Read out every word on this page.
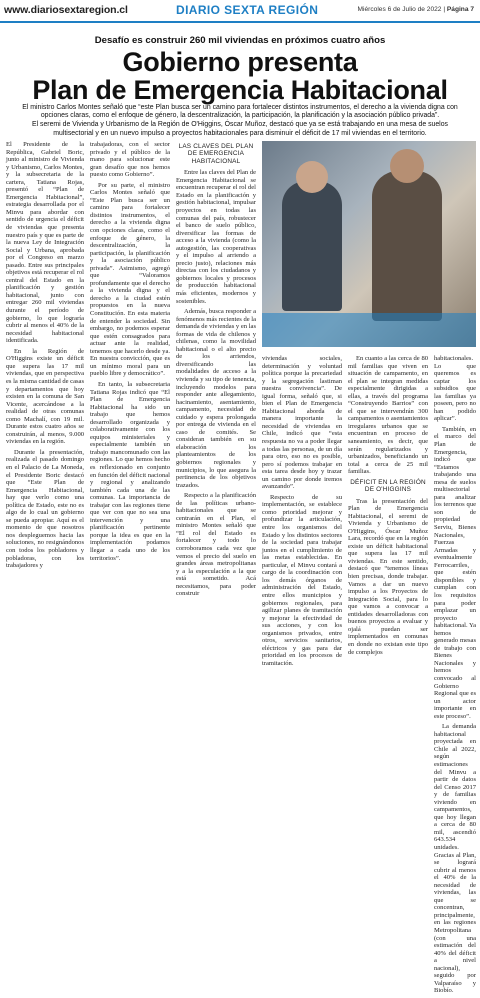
www.diariosextaregion.cl	DIARIO SEXTA REGIÓN	Miércoles 6 de Julio de 2022 | Página 7
Desafío es construir 260 mil viviendas en próximos cuatro años
Gobierno presenta
Plan de Emergencia Habitacional

El ministro Carlos Montes señaló que “este Plan busca ser un camino para fortalecer distintos instrumentos, el derecho a la vivienda digna con opciones claras, como el enfoque de género, la descentralización, la participación, la planificación y la asociación público privada”.

El seremi de Vivienda y Urbanismo de la Región de O'Higgins, Óscar Muñoz, destacó que ya se está trabajando en una mesa de suelos multisectorial y en un nuevo impulso a proyectos habitacionales para disminuir el déficit de 17 mil viviendas en el territorio.

El Presidente de la República, Gabriel Boric, junto al ministro de Vivienda y Urbanismo, Carlos Montes, y la subsecretaria de la cartera, Tatiana Rojas, presentó el “Plan de Emergencia Habitacional”, estrategia desarrollada por el Minvu para abordar con sentido de urgencia el déficit de viviendas que presenta nuestro país y que es parte de la nueva Ley de Integración Social y Urbana, aprobada por el Congreso en marzo pasado. Entre sus principales objetivos está recuperar el rol central del Estado en la planificación y gestión habitacional, junto con entregar 260 mil viviendas durante el período de gobierno, lo que lograría cubrir al menos el 40% de la necesidad habitacional identificada.

En la Región de O'Higgins existe un déficit que supera las 17 mil viviendas, que en perspectiva es la misma cantidad de casas y departamentos que hoy existen en la comuna de San Vicente, acercándose a la realidad de otras comunas como Machalí, con 19 mil. Durante estos cuatro años se construirán, al menos, 9.000 viviendas en la región.

Durante la presentación, realizada el pasado domingo en el Palacio de La Moneda, el Presidente Boric destacó que “Este Plan de Emergencia Habitacional, hay que verlo como una política de Estado, este no es algo de lo cual un gobierno se pueda apropiar. Aquí es el momento de que nosotros nos despleguemos hacia las soluciones, no resignándonos con todos los pobladores y pobladoras, con los trabajadores y

trabajadoras, con el sector privado y el público de la mano para solucionar este gran desafío que nos hemos puesto como Gobierno”.

Por su parte, el ministro Carlos Montes señaló que “Este Plan busca ser un camino para fortalecer distintos instrumentos, el derecho a la vivienda digna con opciones claras, como el enfoque de género, la descentralización, la participación, la planificación y la asociación público privada”. Asimismo, agregó que “Valoramos profundamente que el derecho a la vivienda digna y el derecho a la ciudad estén propuestos en la nueva Constitución. En esta materia de entender la sociedad. Sin embargo, no podemos esperar que estén consagrados para actuar ante la realidad, tenemos que hacerlo desde ya. En nuestra convicción, que es un mínimo moral para un pueblo libre y democrático”.

En tanto, la subsecretaria Tatiana Rojas indicó que “El Plan de Emergencia Habitacional ha sido un trabajo que hemos desarrollado organizada y colaborativamente con los equipos ministeriales y especialmente también un trabajo mancomunado con las regiones. Lo que hemos hecho es reflexionado en conjunto en función del déficit nacional y regional y analizando también cada una de las comunas. La importancia de trabajar con las regiones tiene que ver con que no sea una intervención y una planificación pertinente porque la idea es que en la implementación podamos llegar a cada uno de los territorios”.

LAS CLAVES DEL PLAN DE EMERGENCIA HABITACIONAL

Entre las claves del Plan de Emergencia Habitacional se encuentran recuperar el rol del Estado en la planificación y gestión habitacional, impulsar proyectos en todas las comunas del país, robustecer el banco de suelo público, diversificar las formas de acceso a la vivienda (como la autogestión, las cooperativas y el impulso al arriendo a precio justo), relaciones más directas con los ciudadanos y gobiernos locales y procesos de producción habitacional más eficientes, modernos y sostenibles.

Además, busca responder a fenómenos más recientes de la demanda de viviendas y en las formas de vida de chilenos y chilenas, como la movilidad habitacional o el alto precio de los arriendos, diversificando las modalidades de acceso a la vivienda y su tipo de tenencia, incluyendo modelos para responder ante allegamiento, hacinamiento, asentamiento, campamento, necesidad de cuidado y espera prolongada por entrega de vivienda en el caso de comités. Se consideran también en su elaboración los planteamientos de los gobiernos regionales y municipios, lo que asegura la pertinencia de los objetivos trazados.

Respecto a la planificación de las políticas urbano-habitacionales que se centrarán en el Plan, el ministro Montes señaló que “El rol del Estado es fortalecer y todo lo corroboramos cada vez que vemos el precio del suelo en grandes áreas metropolitanas y a la especulación a la que está sometido. Acá necesitamos, para poder construir

viviendas sociales, determinación y voluntad política porque la precariedad y la segregación lastiman nuestra convivencia”. De igual forma, señaló que, si bien el Plan de Emergencia Habitacional aborda de manera importante la necesidad de viviendas en Chile, indicó que “esta respuesta no va a poder llegar a todas las personas, de un día para otro, eso no es posible, pero sí podemos trabajar en esta tarea desde hoy y trazar un camino por donde iremos avanzando”.

Respecto de su implementación, se establece como prioridad mejorar y profundizar la articulación, entre los organismos del Estado y los distintos sectores de la sociedad para trabajar juntos en el cumplimiento de las metas establecidas. En particular, el Minvu contará a cargo de la coordinación con los demás órganos de administración del Estado, entre ellos municipios y gobiernos regionales, para agilizar planes de tramitación y mejorar la efectividad de sus acciones, y con los organismos privados, entre otros, servicios sanitarios, eléctricos y gas para dar prioridad en los procesos de tramitación.

En cuanto a las cerca de 80 mil familias que viven en situación de campamento, en el plan se integran medidas especialmente dirigidas a ellas, a través del programa “Construyendo Barrios” con el que se intervendrán 300 campamentos o asentamientos irregulares urbanos que se encuentran en proceso de saneamiento, es decir, que serán regularizados y urbanizados, beneficiando un total a cerca de 25 mil familias.

DÉFICIT EN LA REGIÓN DE O'HIGGINS

Tras la presentación del Plan de Emergencia Habitacional, el seremi de Vivienda y Urbanismo de O'Higgins, Óscar Muñoz Lara, recordó que en la región existe un déficit habitacional que supera las 17 mil viviendas. En este sentido, destacó que “tenemos líneas bien precisas, donde trabajar. Vamos a dar un nuevo impulso a los Proyectos de Integración Social, para lo que vamos a convocar a entidades desarrolladoras con buenos proyectos a evaluar y ojalá puedan ser implementados en comunas en donde no existan este tipo de complejos

habitacionales. Lo que queremos es captar los subsidios que las familias ya poseen, pero no han podido aplicar”.

También, en el marco del Plan de Emergencia, indicó que “Estamos trabajando una mesa de suelos multisectorial para analizar los terrenos que son de propiedad Serviu, Bienes Nacionales, Fuerzas Armadas y eventualmente Ferrocarriles, que estén disponibles y cumplan con los requisitos para poder emplazar un proyecto habitacional. Ya hemos generado mesas de trabajo con Bienes Nacionales y hemos convocado al Gobierno Regional que es un actor importante en este proceso”.

La demanda habitacional proyectada en Chile al 2022, según estimaciones del Minvu a partir de datos del Censo 2017 y de familias viviendo en campamentos, que hoy llegan a cerca de 80 mil, ascendió 643.534 unidades. Gracias al Plan, se logrará cubrir al menos el 40% de la necesidad de viviendas, las que se concentran, principalmente, en las regiones Metropolitana (con una estimación del 40% del déficit a nivel nacional), seguido por Valparaíso y Biobío.
